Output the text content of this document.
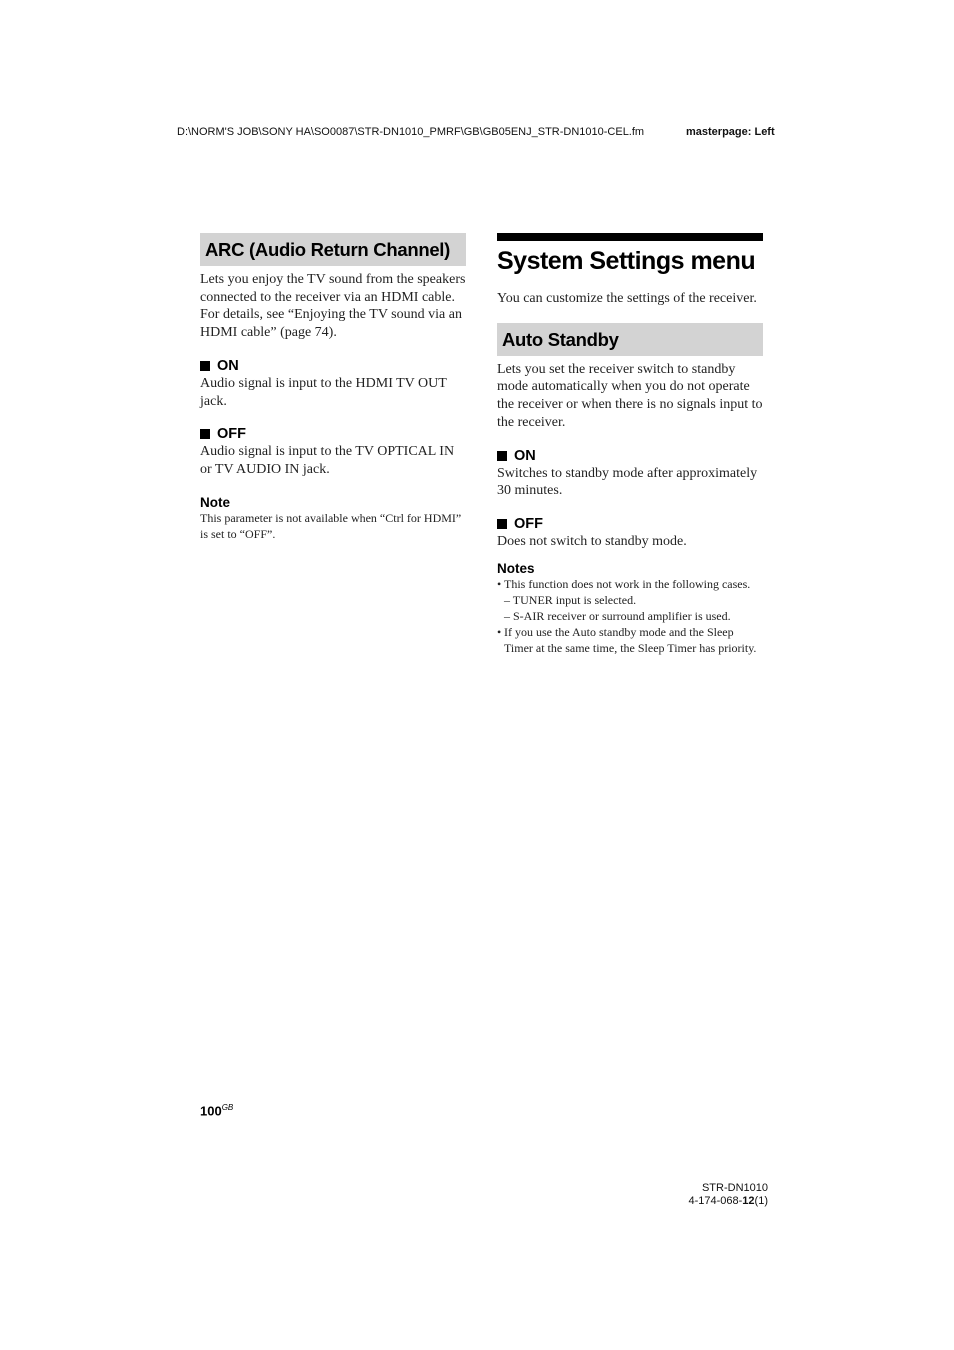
D:\NORM'S JOB\SONY HA\SO0087\STR-DN1010_PMRF\GB\GB05ENJ_STR-DN1010-CEL.fm	masterpage: Left
ARC (Audio Return Channel)
Lets you enjoy the TV sound from the speakers connected to the receiver via an HDMI cable. For details, see “Enjoying the TV sound via an HDMI cable” (page 74).
ON
Audio signal is input to the HDMI TV OUT jack.
OFF
Audio signal is input to the TV OPTICAL IN or TV AUDIO IN jack.
Note
This parameter is not available when “Ctrl for HDMI” is set to “OFF”.
System Settings menu
You can customize the settings of the receiver.
Auto Standby
Lets you set the receiver switch to standby mode automatically when you do not operate the receiver or when there is no signals input to the receiver.
ON
Switches to standby mode after approximately 30 minutes.
OFF
Does not switch to standby mode.
Notes
• This function does not work in the following cases.
– TUNER input is selected.
– S-AIR receiver or surround amplifier is used.
• If you use the Auto standby mode and the Sleep Timer at the same time, the Sleep Timer has priority.
$100^{GB}$
STR-DN1010
4-174-068-12(1)
